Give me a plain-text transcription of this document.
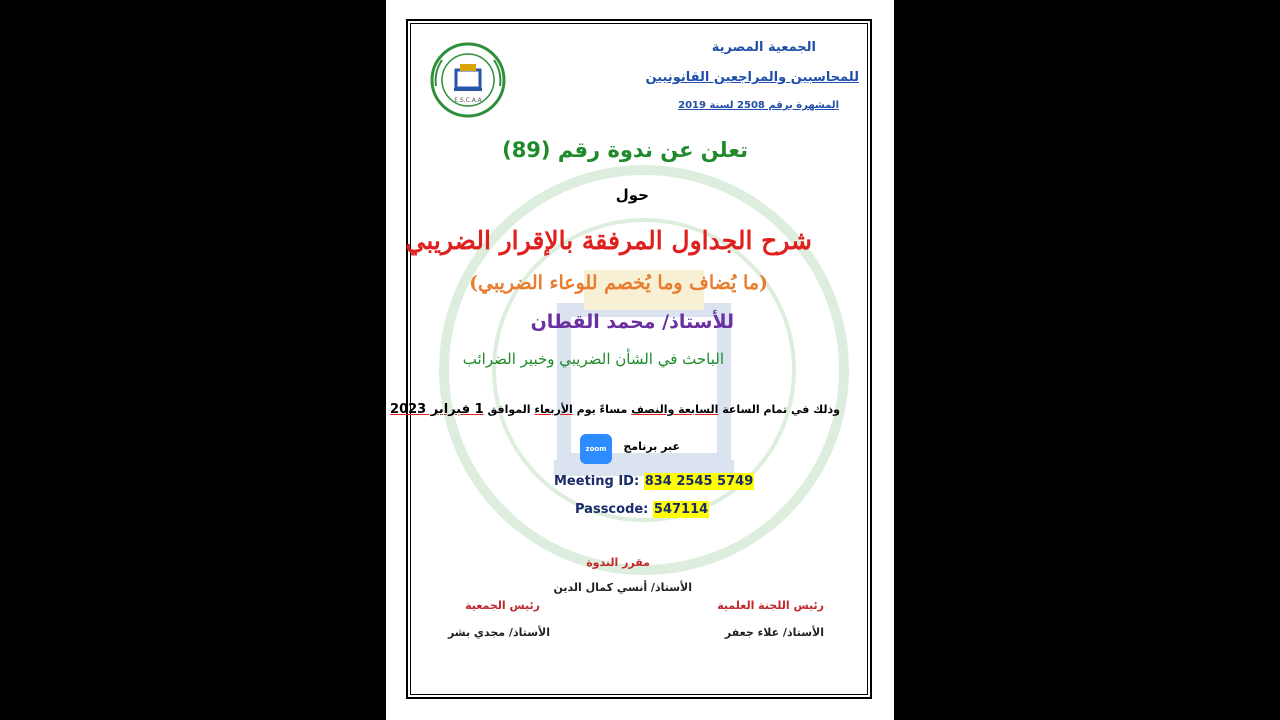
E.S.C.A.A
الجمعية المصرية
للمحاسبين والمراجعين القانونيين
المشهرة برقم 2508 لسنة 2019
تعلن عن ندوة رقم (89)
حول
شرح الجداول المرفقة بالإقرار الضريبي
(ما يُضاف وما يُخصم للوعاء الضريبي)
للأستاذ/ محمد القطان
الباحث في الشأن الضريبي وخبير الضرائب
وذلك في تمام الساعة السابعة والنصف مساءً يوم الأربعاء الموافق 1 فبراير 2023
عبر برنامج
zoom
Meeting ID: 834 2545 5749
Passcode: 547114
مقرر الندوة
الأستاذ/ أنسي كمال الدين
رئيس اللجنة العلمية
الأستاذ/ علاء جعفر
رئيس الجمعية
الأستاذ/ مجدي بشر
